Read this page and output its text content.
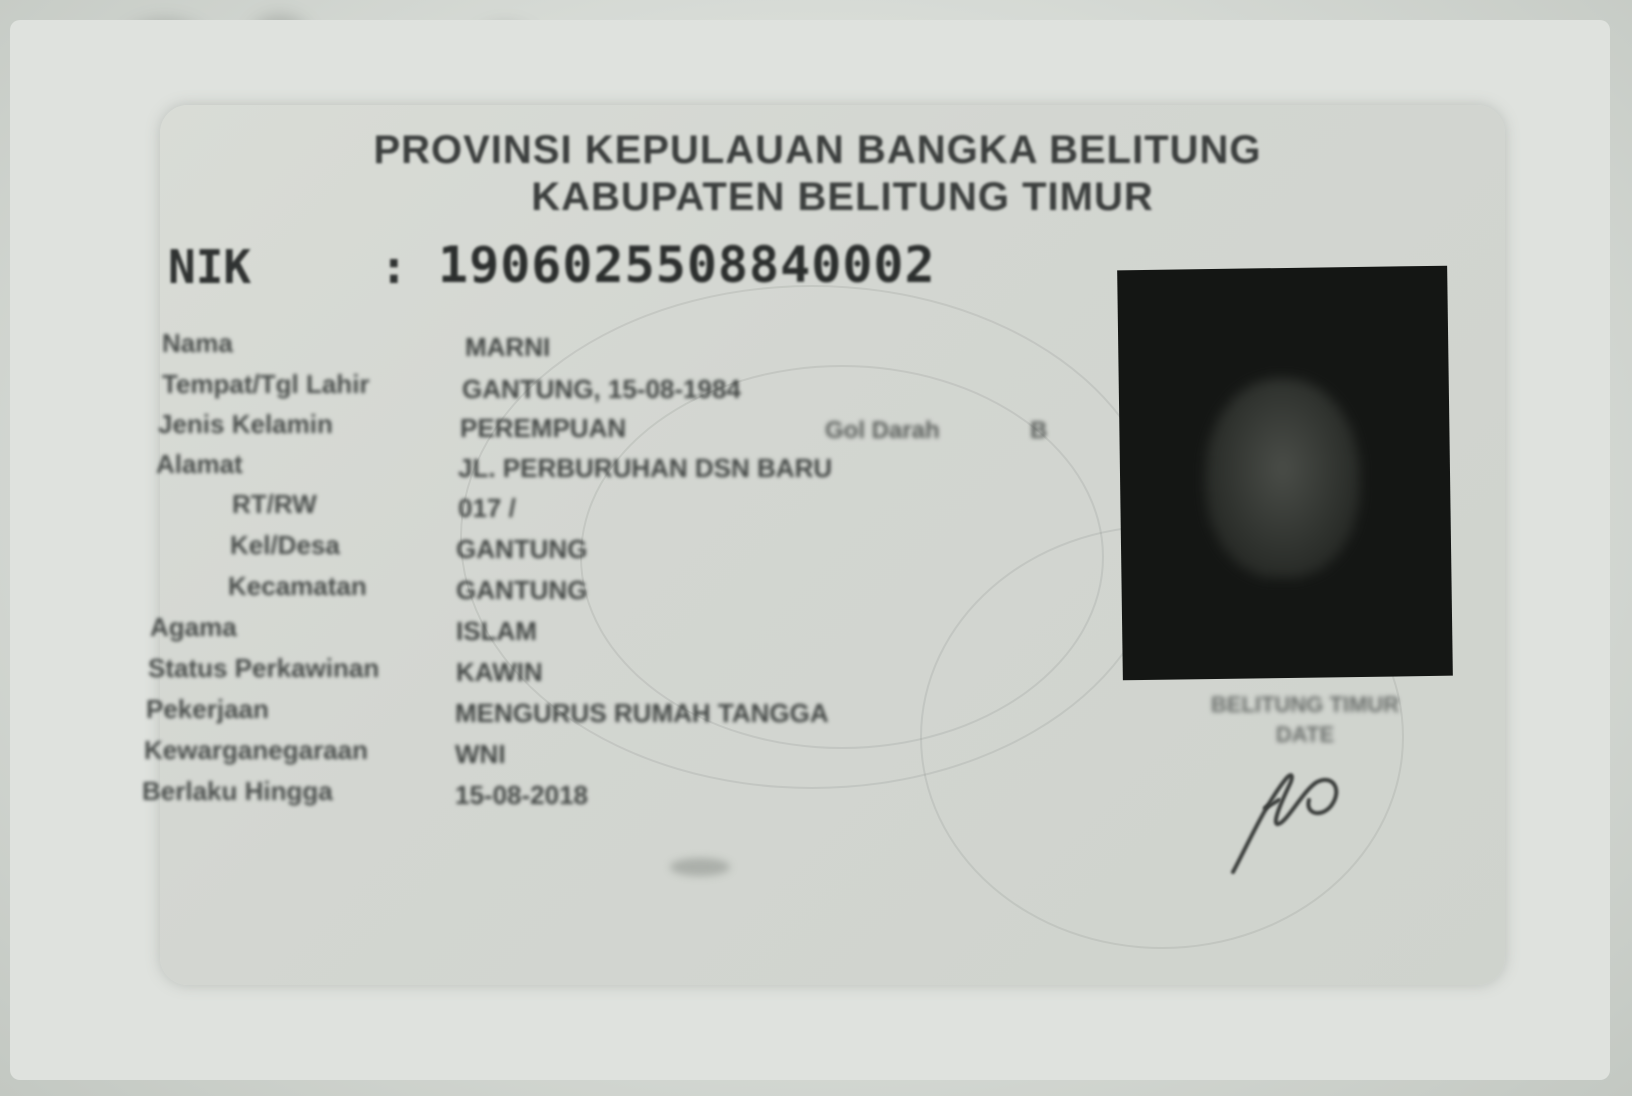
PROVINSI KEPULAUAN BANGKA BELITUNG
KABUPATEN BELITUNG TIMUR
NIK	: 1906025508840002
Nama	MARNI
Tempat/Tgl Lahir	GANTUNG, 15-08-1984
Jenis Kelamin	PEREMPUAN	Gol Darah	B
Alamat	JL. PERBURUHAN DSN BARU
RT/RW	017 /
Kel/Desa	GANTUNG
Kecamatan	GANTUNG
Agama	ISLAM
Status Perkawinan	KAWIN
Pekerjaan	MENGURUS RUMAH TANGGA
Kewarganegaraan	WNI
Berlaku Hingga	15-08-2018
BELITUNG TIMUR
DATE
